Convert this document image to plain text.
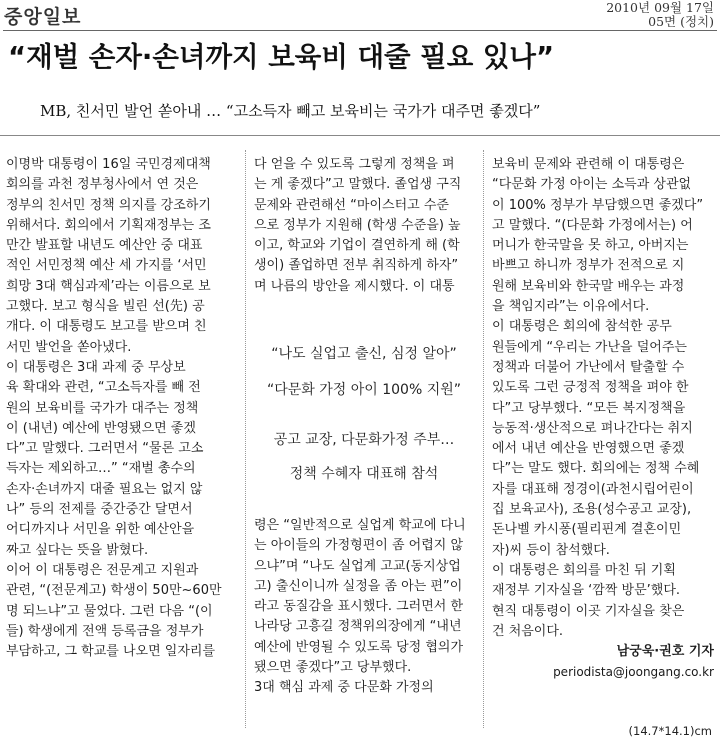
중앙일보	2010년 09월 17일
05면 (정치)
“재벌 손자·손녀까지 보육비 대줄 필요 있나”
MB, 친서민 발언 쏟아내 … “고소득자 빼고 보육비는 국가가 대주면 좋겠다”
이명박 대통령이 16일 국민경제대책
회의를 과천 정부청사에서 연 것은
정부의 친서민 정책 의지를 강조하기
위해서다. 회의에서 기획재정부는 조
만간 발표할 내년도 예산안 중 대표
적인 서민정책 예산 세 가지를 ‘서민
희망 3대 핵심과제’라는 이름으로 보
고했다. 보고 형식을 빌린 선(先) 공
개다. 이 대통령도 보고를 받으며 친
서민 발언을 쏟아냈다.
이 대통령은 3대 과제 중 무상보
육 확대와 관련, “고소득자를 빼 전
원의 보육비를 국가가 대주는 정책
이 (내년) 예산에 반영됐으면 좋겠
다”고 말했다. 그러면서 “물론 고소
득자는 제외하고…” “재벌 총수의
손자·손녀까지 대줄 필요는 없지 않
나” 등의 전제를 중간중간 달면서
어디까지나 서민을 위한 예산안을
짜고 싶다는 뜻을 밝혔다.
이어 이 대통령은 전문계고 지원과
관련, “(전문계고) 학생이 50만~60만
명 되느냐”고 물었다. 그런 다음 “(이
들) 학생에게 전액 등록금을 정부가
부담하고, 그 학교를 나오면 일자리를
다 얻을 수 있도록 그렇게 정책을 펴
는 게 좋겠다”고 말했다. 졸업생 구직
문제와 관련해선 “마이스터고 수준
으로 정부가 지원해 (학생 수준을) 높
이고, 학교와 기업이 결연하게 해 (학
생이) 졸업하면 전부 취직하게 하자”
며 나름의 방안을 제시했다. 이 대통
“나도 실업고 출신, 심정 알아”
“다문화 가정 아이 100% 지원”
공고 교장, 다문화가정 주부…
정책 수혜자 대표해 참석
령은 “일반적으로 실업계 학교에 다니
는 아이들의 가정형편이 좀 어렵지 않
으냐”며 “나도 실업계 고교(동지상업
고) 출신이니까 실정을 좀 아는 편”이
라고 동질감을 표시했다. 그러면서 한
나라당 고흥길 정책위의장에게 “내년
예산에 반영될 수 있도록 당정 협의가
됐으면 좋겠다”고 당부했다.
3대 핵심 과제 중 다문화 가정의
보육비 문제와 관련해 이 대통령은
“다문화 가정 아이는 소득과 상관없
이 100% 정부가 부담했으면 좋겠다”
고 말했다. “(다문화 가정에서는) 어
머니가 한국말을 못 하고, 아버지는
바쁘고 하니까 정부가 전적으로 지
원해 보육비와 한국말 배우는 과정
을 책임지라”는 이유에서다.
이 대통령은 회의에 참석한 공무
원들에게 “우리는 가난을 덜어주는
정책과 더불어 가난에서 탈출할 수
있도록 그런 긍정적 정책을 펴야 한
다”고 당부했다. “모든 복지정책을
능동적·생산적으로 펴나간다는 취지
에서 내년 예산을 반영했으면 좋겠
다”는 말도 했다. 회의에는 정책 수혜
자를 대표해 정경이(과천시립어린이
집 보육교사), 조용(성수공고 교장),
돈나벨 카시퐁(필리핀계 결혼이민
자)씨 등이 참석했다.
이 대통령은 회의를 마친 뒤 기획
재정부 기자실을 ‘깜짝 방문’했다.
현직 대통령이 이곳 기자실을 찾은
건 처음이다.
남궁욱·권호 기자
periodista@joongang.co.kr
(14.7*14.1)cm
